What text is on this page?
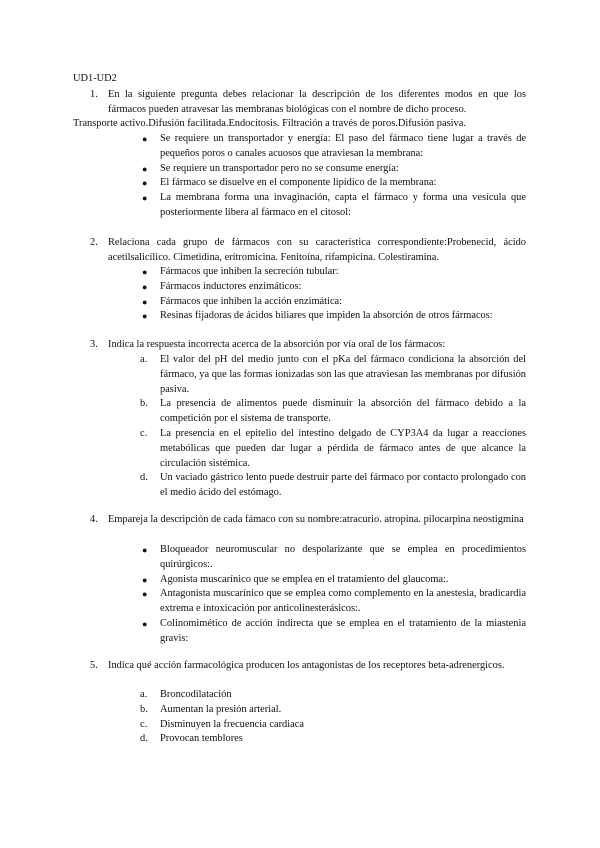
UD1-UD2
1. En la siguiente pregunta debes relacionar la descripción de los diferentes modos en que los fármacos pueden atravesar las membranas biológicas con el nombre de dicho proceso.
Transporte activo.Difusión facilitada.Endocitosis. Filtración a través de poros.Difusión pasiva.
● Se requiere un transportador y energía: El paso del fármaco tiene lugar a través de pequeños poros o canales acuosos que atraviesan la membrana:
● Se requiere un transportador pero no se consume energía:
● El fármaco se disuelve en el componente lipídico de la membrana:
● La membrana forma una invaginación, capta el fármaco y forma una vesícula que posteriormente libera al fármaco en el citosol:
2. Relaciona cada grupo de fármacos con su característica correspondiente:Probenecid, ácido acetilsalicílico. Cimetidina, eritromicina. Fenitoína, rifampicina. Colestiramina.
● Fármacos que inhiben la secreción tubular:
● Fármacos inductores enzimáticos:
● Fármacos que inhiben la acción enzimática:
● Resinas fijadoras de ácidos biliares que impiden la absorción de otros fármacos:
3. Indica la respuesta incorrecta acerca de la absorción por vía oral de los fármacos:
a. El valor del pH del medio junto con el pKa del fármaco condiciona la absorción del fármaco, ya que las formas ionizadas son las que atraviesan las membranas por difusión pasiva.
b. La presencia de alimentos puede disminuir la absorción del fármaco debido a la competición por el sistema de transporte.
c. La presencia en el epitelio del intestino delgado de CYP3A4 da lugar a reacciones metabólicas que pueden dar lugar a pérdida de fármaco antes de que alcance la circulación sistémica.
d. Un vaciado gástrico lento puede destruir parte del fármaco por contacto prolongado con el medio ácido del estómago.
4. Empareja la descripción de cada fámaco con su nombre:atracurio. atropina. pilocarpina neostigmina
● Bloqueador neuromuscular no despolarizante que se emplea en procedimientos quirúrgicos:.
● Agonista muscarínico que se emplea en el tratamiento del glaucoma:.
● Antagonista muscarínico que se emplea como complemento en la anestesia, bradicardia extrema e intoxicación por anticolinesterásicos:.
● Colinomimético de acción indirecta que se emplea en el tratamiento de la miastenia gravis:
5. Indica qué acción farmacológica producen los antagonistas de los receptores beta-adrenergicos.
a. Broncodilatación
b. Aumentan la presión arterial.
c. Disminuyen la frecuencia cardiaca
d. Provocan temblores
